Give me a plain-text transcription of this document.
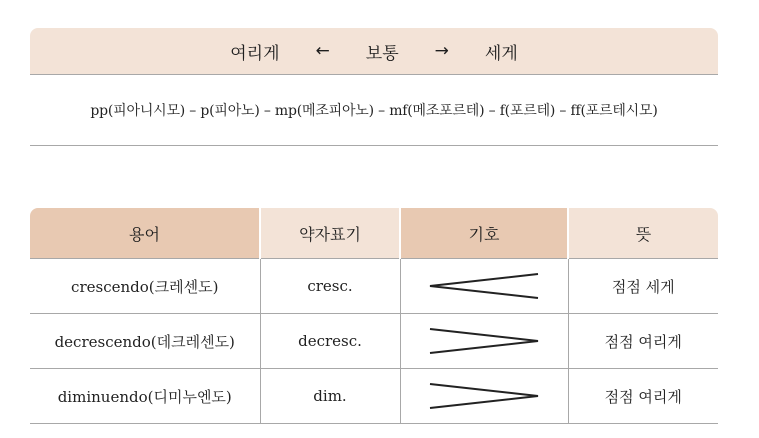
여리게 ← 보통 → 세게
pp(피아니시모) – p(피아노) – mp(메조피아노) – mf(메조포르테) – f(포르테) – ff(포르테시모)
용어	약자표기	기호	뜻
crescendo(크레센도)	cresc.		점점 세게
decrescendo(데크레센도)	decresc.		점점 여리게
diminuendo(디미누엔도)	dim.		점점 여리게
